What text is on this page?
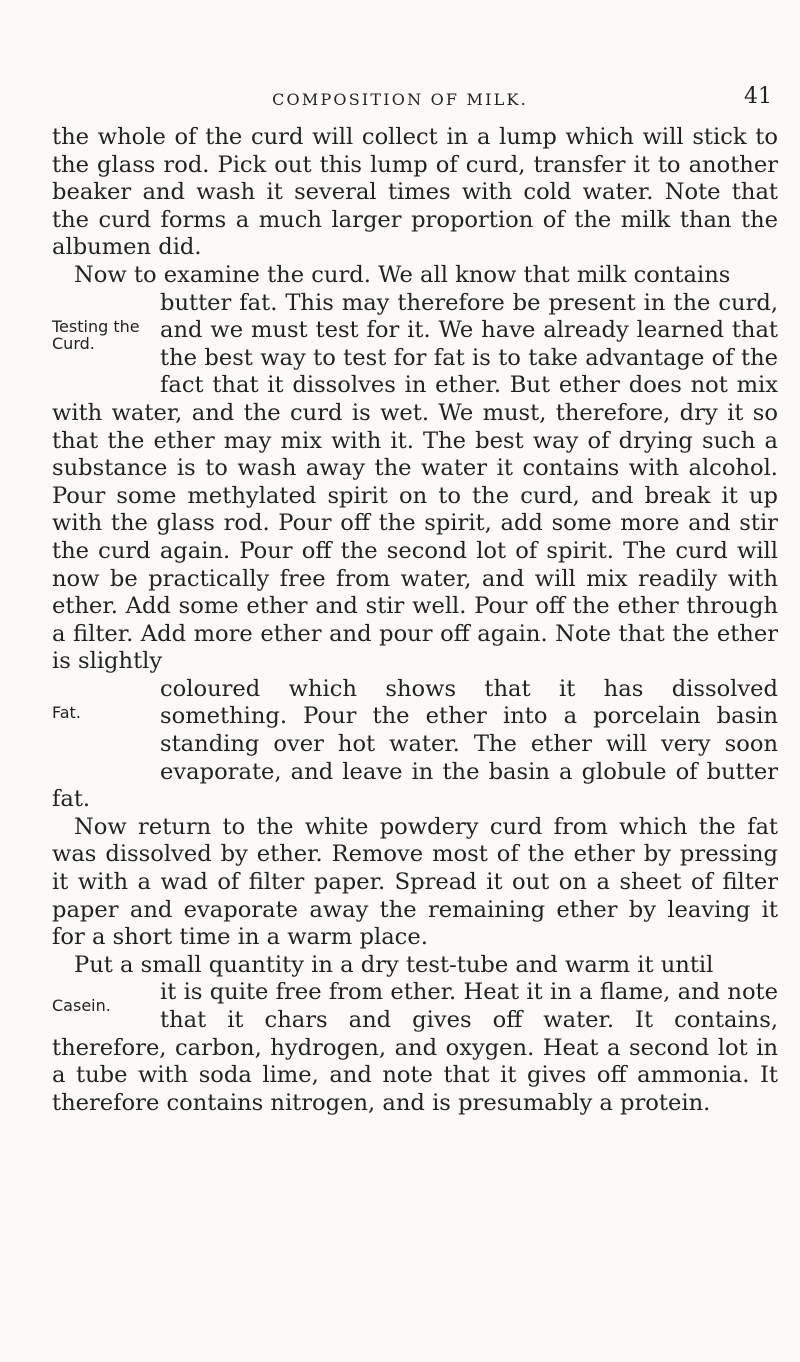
COMPOSITION OF MILK.	41

the whole of the curd will collect in a lump which will stick to the glass rod. Pick out this lump of curd, transfer it to another beaker and wash it several times with cold water. Note that the curd forms a much larger proportion of the milk than the albumen did.

Now to examine the curd. We all know that milk contains

Testing the
Curd.

butter fat. This may therefore be present in the curd, and we must test for it. We have already learned that the best way to test for fat is to take advantage of the fact that it dissolves in ether. But ether does not mix with water, and the curd is wet. We must, therefore, dry it so that the ether may mix with it. The best way of drying such a substance is to wash away the water it contains with alcohol. Pour some methylated spirit on to the curd, and break it up with the glass rod. Pour off the spirit, add some more and stir the curd again. Pour off the second lot of spirit. The curd will now be practically free from water, and will mix readily with ether. Add some ether and stir well. Pour off the ether through a filter. Add more ether and pour off again. Note that the ether is slightly

Fat.

coloured which shows that it has dissolved something. Pour the ether into a porcelain basin standing over hot water. The ether will very soon evaporate, and leave in the basin a globule of butter fat.

Now return to the white powdery curd from which the fat was dissolved by ether. Remove most of the ether by pressing it with a wad of filter paper. Spread it out on a sheet of filter paper and evaporate away the remaining ether by leaving it for a short time in a warm place.

Put a small quantity in a dry test-tube and warm it until

Casein.

it is quite free from ether. Heat it in a flame, and note that it chars and gives off water. It contains, therefore, carbon, hydrogen, and oxygen. Heat a second lot in a tube with soda lime, and note that it gives off ammonia. It therefore contains nitrogen, and is presumably a protein.
